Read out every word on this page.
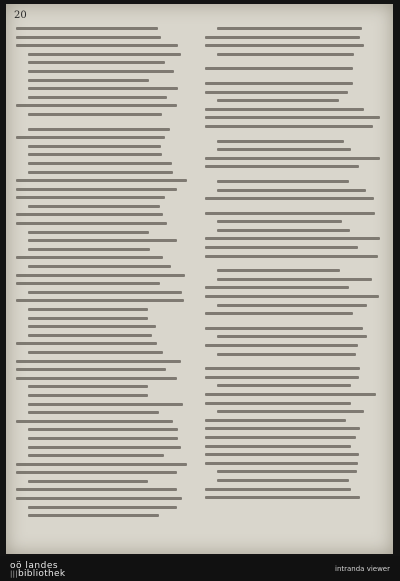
20
oö landes
|||bibliothek	intranda viewer
